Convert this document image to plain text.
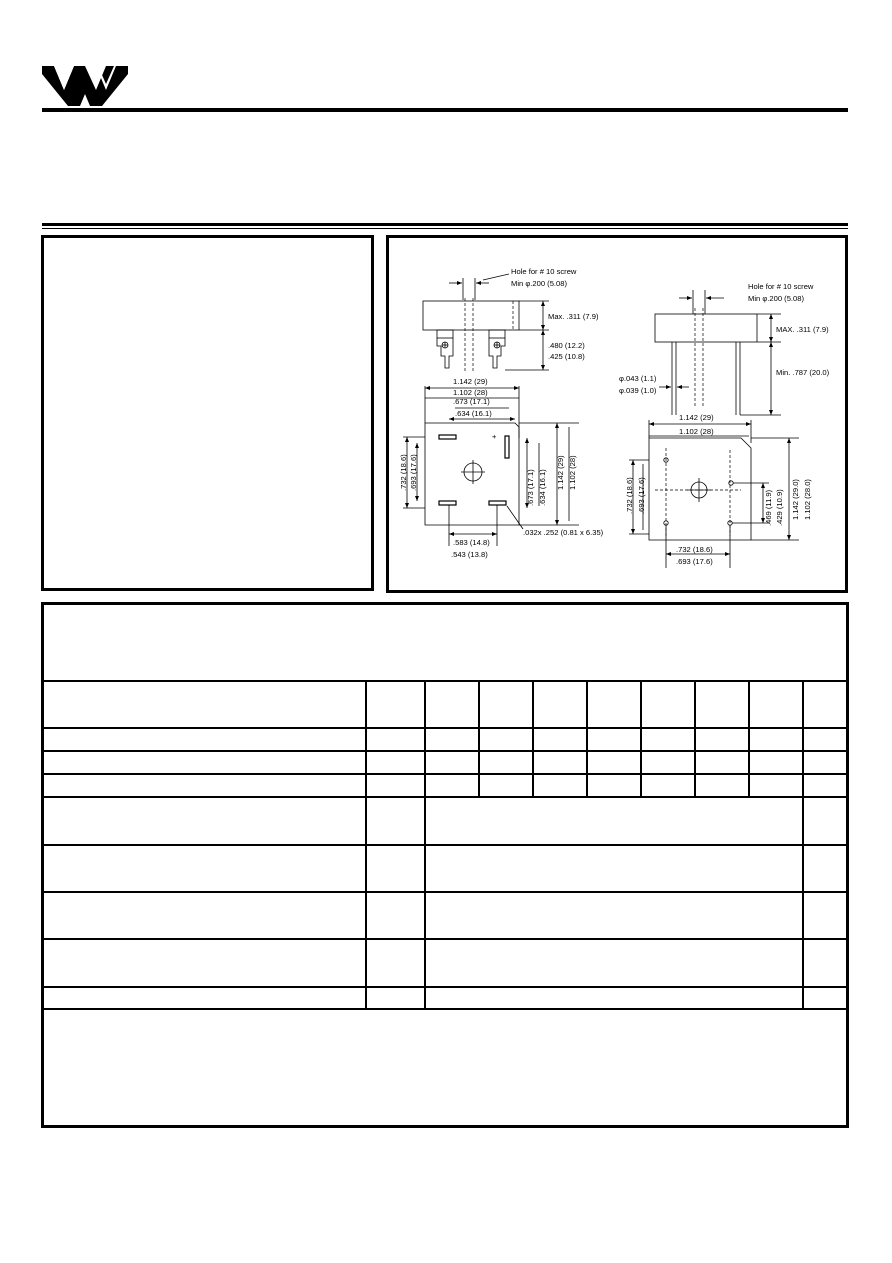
Hole for # 10 screw
Min φ.200 (5.08)
Max. .311 (7.9)
.480 (12.2)
.425 (10.8)
1.142 (29)
1.102 (28)
.673 (17.1)
.634 (16.1)
+
.732 (18.6) .693 (17.6)	.673 (17.1) .634 (16.1) 1.142 (29) 1.102 (28)
.583 (14.8)
.543 (13.8)
.032x .252 (0.81 x 6.35)
Hole for # 10 screw
Min φ.200 (5.08)
MAX. .311 (7.9)
Min. .787 (20.0)
φ.043 (1.1)
φ.039 (1.0)
1.142 (29)
1.102 (28)
.732 (18.6) .693 (17.6)	.469 (11.9) .429 (10.9) 1.142 (29.0) 1.102 (28.0)
.732 (18.6)
.693 (17.6)
